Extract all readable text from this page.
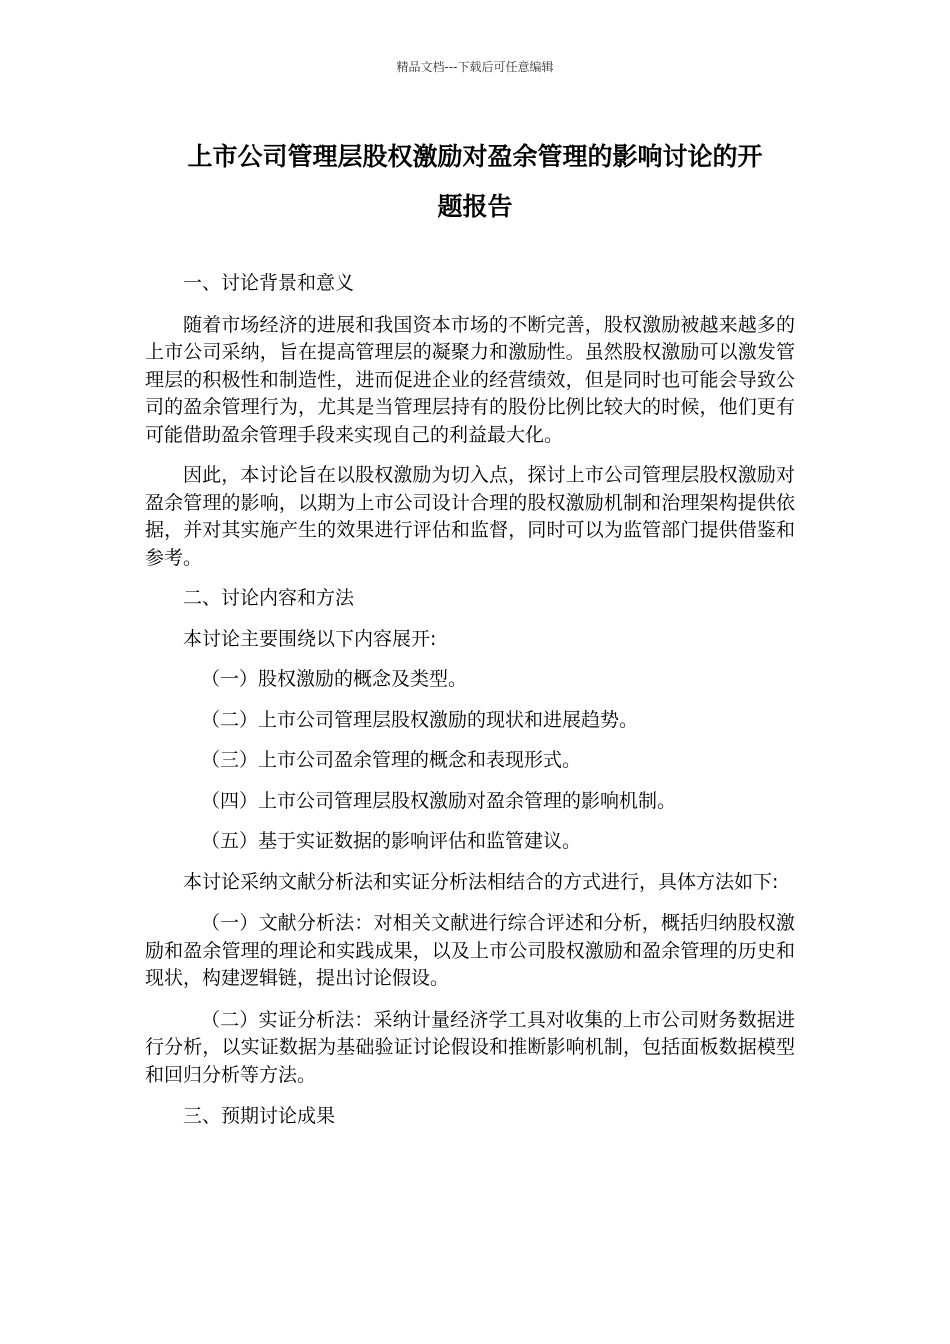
精品文档---下载后可任意编辑
上市公司管理层股权激励对盈余管理的影响讨论的开
题报告

一、讨论背景和意义

随着市场经济的进展和我国资本市场的不断完善，股权激励被越来越多的上市公司采纳，旨在提高管理层的凝聚力和激励性。虽然股权激励可以激发管理层的积极性和制造性，进而促进企业的经营绩效，但是同时也可能会导致公司的盈余管理行为，尤其是当管理层持有的股份比例比较大的时候，他们更有可能借助盈余管理手段来实现自己的利益最大化。

因此，本讨论旨在以股权激励为切入点，探讨上市公司管理层股权激励对盈余管理的影响，以期为上市公司设计合理的股权激励机制和治理架构提供依据，并对其实施产生的效果进行评估和监督，同时可以为监管部门提供借鉴和参考。

二、讨论内容和方法

本讨论主要围绕以下内容展开:

（一）股权激励的概念及类型。

（二）上市公司管理层股权激励的现状和进展趋势。

（三）上市公司盈余管理的概念和表现形式。

（四）上市公司管理层股权激励对盈余管理的影响机制。

（五）基于实证数据的影响评估和监管建议。

本讨论采纳文献分析法和实证分析法相结合的方式进行，具体方法如下:

（一）文献分析法：对相关文献进行综合评述和分析，概括归纳股权激励和盈余管理的理论和实践成果，以及上市公司股权激励和盈余管理的历史和现状，构建逻辑链，提出讨论假设。

（二）实证分析法：采纳计量经济学工具对收集的上市公司财务数据进行分析，以实证数据为基础验证讨论假设和推断影响机制，包括面板数据模型和回归分析等方法。

三、预期讨论成果
